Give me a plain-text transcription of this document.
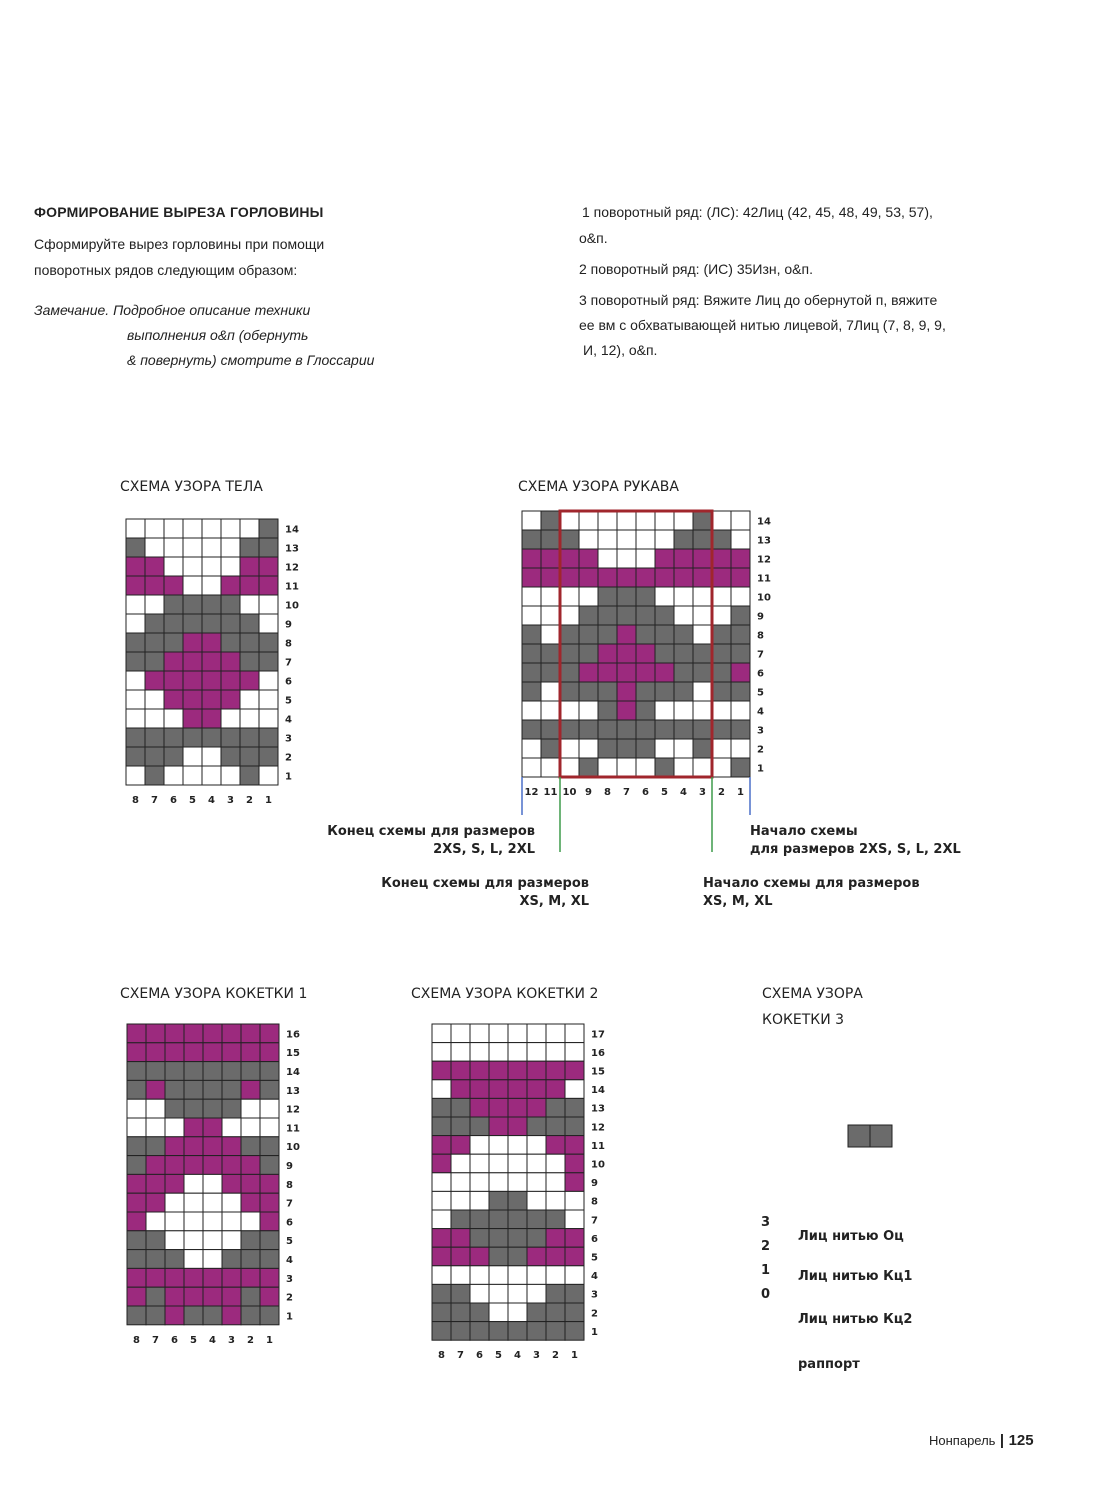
ФОРМИРОВАНИЕ ВЫРЕЗА ГОРЛОВИНЫ
Сформируйте вырез горловины при помощи
поворотных рядов следующим образом:
Замечание. Подробное описание техники
выполнения о&п (обернуть
& повернуть) смотрите в Глоссарии
1 поворотный ряд: (ЛС): 42Лиц (42, 45, 48, 49, 53, 57),
о&п.
2 поворотный ряд: (ИС) 35Изн, о&п.
3 поворотный ряд: Вяжите Лиц до обернутой п, вяжите
ее вм с обхватывающей нитью лицевой, 7Лиц (7, 8, 9, 9,
И, 12), о&п.
СХЕМА УЗОРА ТЕЛА	СХЕМА УЗОРА РУКАВА
СХЕМА УЗОРА КОКЕТКИ 1	СХЕМА УЗОРА КОКЕТКИ 2	СХЕМА УЗОРА
КОКЕТКИ 3
14
13
12
11
10
9
8
7
6
5
4
3
2
1
8 7 6 5 4 3 2 1
14
13
12
11
10
9
8
7
6
5
4
3
2
1
12 11 10 9 8 7 6 5 4 3 2 1
16
15
14
13
12
11
10
9
8
7
6
5
4
3
2
1
8 7 6 5 4 3 2 1
17
16
15
14
13
12
11
10
9
8
7
6
5
4
3
2
1
8 7 6 5 4 3 2 1
Конец схемы для размеров
2XS, S, L, 2XL
Конец схемы для размеров
XS, M, XL
Начало схемы
для размеров 2XS, S, L, 2XL
Начало схемы для размеров
XS, M, XL
3
2
1
0
Лиц нитью Оц
Лиц нитью Кц1
Лиц нитью Кц2
раппорт
Нонпарель | 125
